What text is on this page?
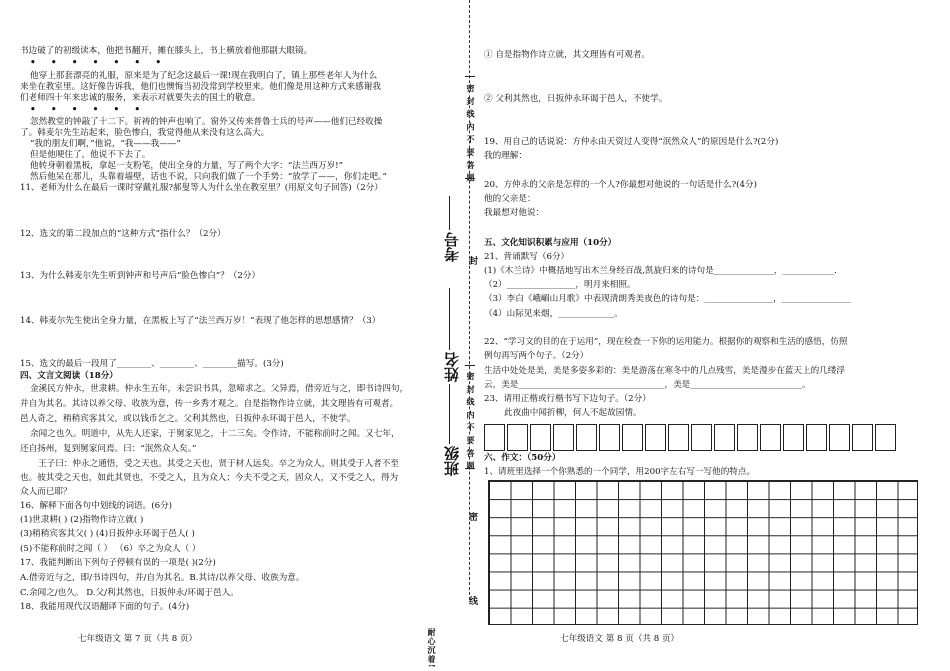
书边破了的初级读本，他把书翻开，摊在膝头上，书上横放着他那副大眼镜。
• • • • • • •
他穿上那套漂亮的礼服，原来是为了纪念这最后一课!现在我明白了，镇上那些老年人为什么
来坐在教室里。这好像告诉我，他们也懊悔当初没常到学校里来。他们像是用这种方式来感谢我
们老师四十年来忠诚的服务，来表示对就要失去的国土的敬意。
• • • • • •
忽然教堂的钟敲了十二下。祈祷的钟声也响了。窗外又传来普鲁士兵的号声——他们已经收操
了。韩麦尔先生站起来，脸色惨白，我觉得他从来没有这么高大。
“我的朋友们啊，”他说，“我——我——”
但是他哽住了，他说不下去了。
他转身朝着黑板，拿起一支粉笔，使出全身的力量，写了两个大字：“法兰西万岁!”
然后他呆在那儿，头靠着墙壁，话也不说，只向我们做了一个手势：“放学了——，你们走吧。”
11、老师为什么在最后一课时穿戴礼服?郝叟等人为什么坐在教室里？(用原文句子回答)（2分）
12、选文的第二段加点的“这种方式”指什么？（2分）
13、为什么韩麦尔先生听到钟声和号声后“脸色惨白”？（2分）
14、韩麦尔先生使出全身力量，在黑板上写了“法兰西万岁！”表现了他怎样的思想感情？（3）
15、选文的最后一段用了________、________、________描写。(3分)
四、文言文阅读（18分）
金溪民方仲永，世隶耕。仲永生五年，未尝识书具，忽啼求之。父异焉，借旁近与之，即书诗四句，
并自为其名。其诗以养父母、收族为意，传一乡秀才观之。自是指物作诗立就，其文理皆有可观者。
邑人奇之，稍稍宾客其父，或以钱币乞之。父利其然也，日扳仲永环谒于邑人，不使学。
余闻之也久。明道中，从先人还家，于舅家见之，十二三矣。令作诗，不能称前时之闻。又七年，
还自扬州，复到舅家问焉。曰：“泯然众人矣。”
王子曰：仲永之通悟，受之天也。其受之天也，贤于材人远矣。卒之为众人，则其受于人者不至
也。彼其受之天也，如此其贤也，不受之人，且为众人；今夫不受之天，固众人，又不受之人，得为
众人而已耶？
16、解释下面各句中划线的词语。(6分)
(1)世隶耕( ) (2)指物作诗立就( )
(3)稍稍宾客其父( ) (4)日扳仲永环谒于邑人( )
(5)不能称前时之闻（ ） （6）卒之为众人（ ）
17、我能判断出下列句子停顿有误的一项是( )(2分)
A.借旁近与之，即/书诗四句，并/自为其名。B.其诗/以养父母、收族为意。
C.余闻之/也久。 D.父/利其然也，日扳仲永/环谒于邑人。
18、我能用现代汉语翻译下面的句子。(4分)
七年级语文 第 7 页（共 8 页）
考号
姓名
班级
密 封 线 内 不 要 答 题
密 封 线 内 不 要 答 题
封
密
线
耐心沉着!
① 自是指物作诗立就，其文理皆有可观者。
② 父利其然也，日扳仲永环谒于邑人，不使学。
19、用自己的话说说：方仲永由天资过人变得“泯然众人”的原因是什么?(2分)
我的理解：
20、方仲永的父亲是怎样的一个人?你最想对他说的一句话是什么?(4分)
他的父亲是：
我最想对他说：
五、文化知识积累与应用（10分）
21、背诵默写（6分）
(1)《木兰诗》中概括地写出木兰身经百战,凯旋归来的诗句是______________，____________.
（2）________________，明月来相照。
（3）李白《峨嵋山月歌》中表现清朗秀美夜色的诗句是：________________，________________
（4）山际见来烟，_____________。
22、“学习文的目的在于运用”，现在检查一下你的运用能力。根据你的观察和生活的感悟，仿照
例句再写两个句子。（2分）
生活中处处是美，美是多姿多彩的：美是游荡在寒冬中的几点残雪，美是漫步在蓝天上的几缕浮
云，美是__________________________________，美是__________________________。
23、请用正楷或行楷书写下边句子。（2分）
此夜曲中闻折柳，何人不起故园情。
六、作文：（50分）
1、请班里选择一个你熟悉的一个同学，用200字左右写一写他的特点。
七年级语文 第 8 页（共 8 页）
